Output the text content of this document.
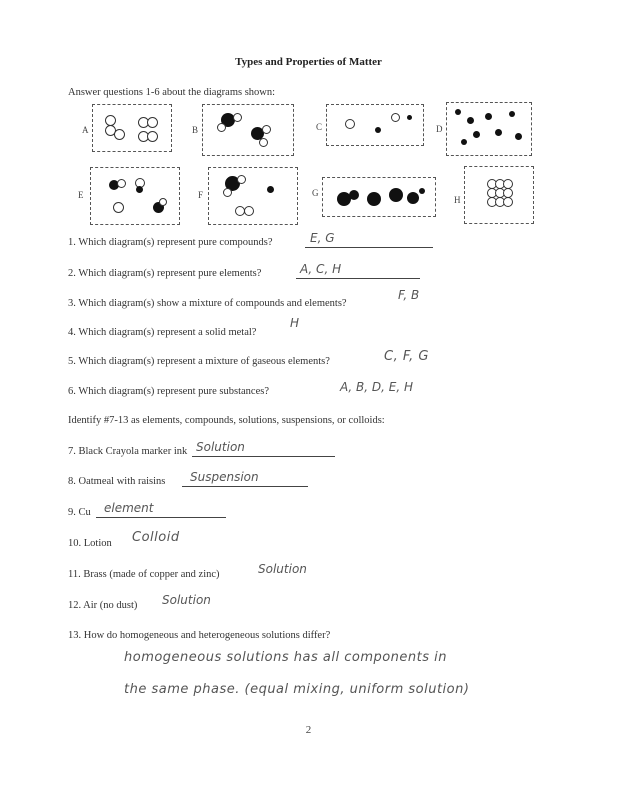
Types and Properties of Matter
Answer questions 1-6 about the diagrams shown:
A	B	C	D
E	F	G
H
1. Which diagram(s) represent pure compounds?	E, G
2. Which diagram(s) represent pure elements?	A, C, H
3. Which diagram(s) show a mixture of compounds and elements?
F, B
4. Which diagram(s) represent a solid metal?
H
5. Which diagram(s) represent a mixture of gaseous elements?	C, F, G
6. Which diagram(s) represent pure substances?	A, B, D, E, H
Identify #7-13 as elements, compounds, solutions, suspensions, or colloids:
7. Black Crayola marker ink Solution
8. Oatmeal with raisins Suspension
9. Cu element
10. Lotion Colloid
11. Brass (made of copper and zinc)	Solution
12. Air (no dust) Solution
13. How do homogeneous and heterogeneous solutions differ?
homogeneous solutions has all components in
the same phase. (equal mixing, uniform solution)
2
